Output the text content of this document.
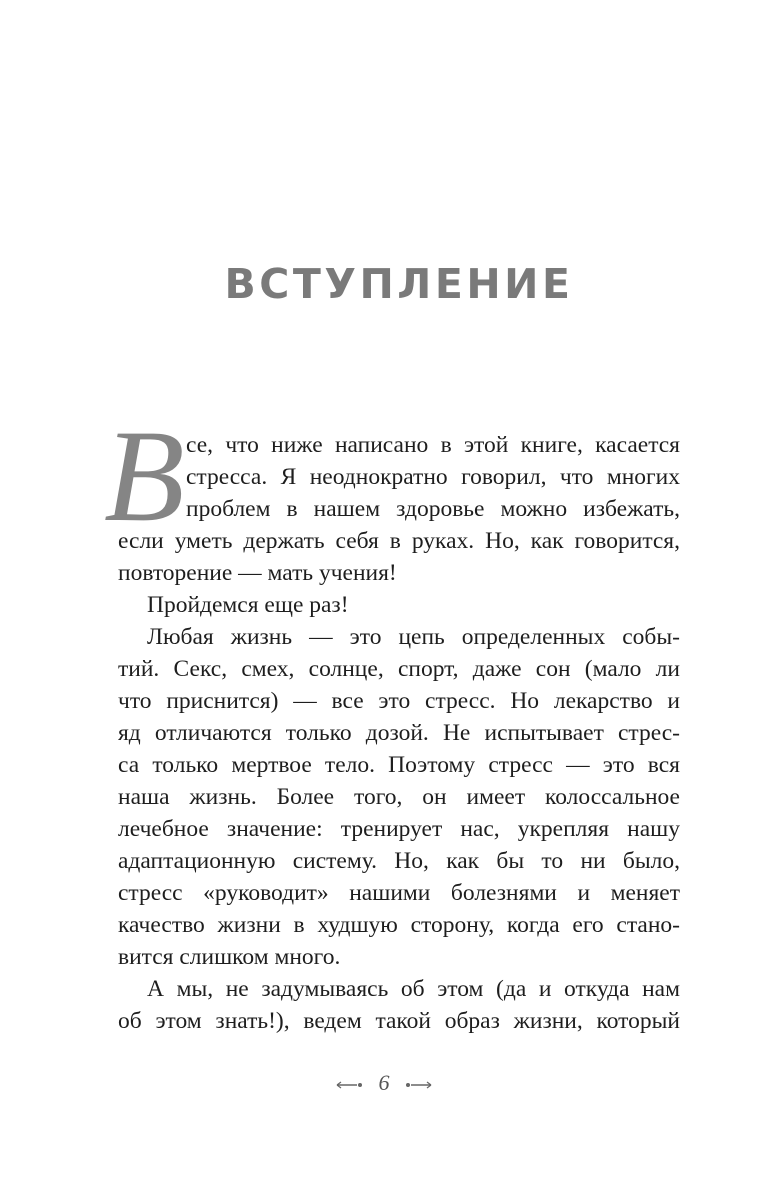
ВСТУПЛЕНИЕ
В се, что ниже написано в этой книге, касается
стресса. Я неоднократно говорил, что многих
проблем в нашем здоровье можно избежать,
если уметь держать себя в руках. Но, как говорится,
повторение — мать учения!
Пройдемся еще раз!
Любая жизнь — это цепь определенных собы-
тий. Секс, смех, солнце, спорт, даже сон (мало ли
что приснится) — все это стресс. Но лекарство и
яд отличаются только дозой. Не испытывает стрес-
са только мертвое тело. Поэтому стресс — это вся
наша жизнь. Более того, он имеет колоссальное
лечебное значение: тренирует нас, укрепляя нашу
адаптационную систему. Но, как бы то ни было,
стресс «руководит» нашими болезнями и меняет
качество жизни в худшую сторону, когда его стано-
вится слишком много.
А мы, не задумываясь об этом (да и откуда нам
об этом знать!), ведем такой образ жизни, который
6
